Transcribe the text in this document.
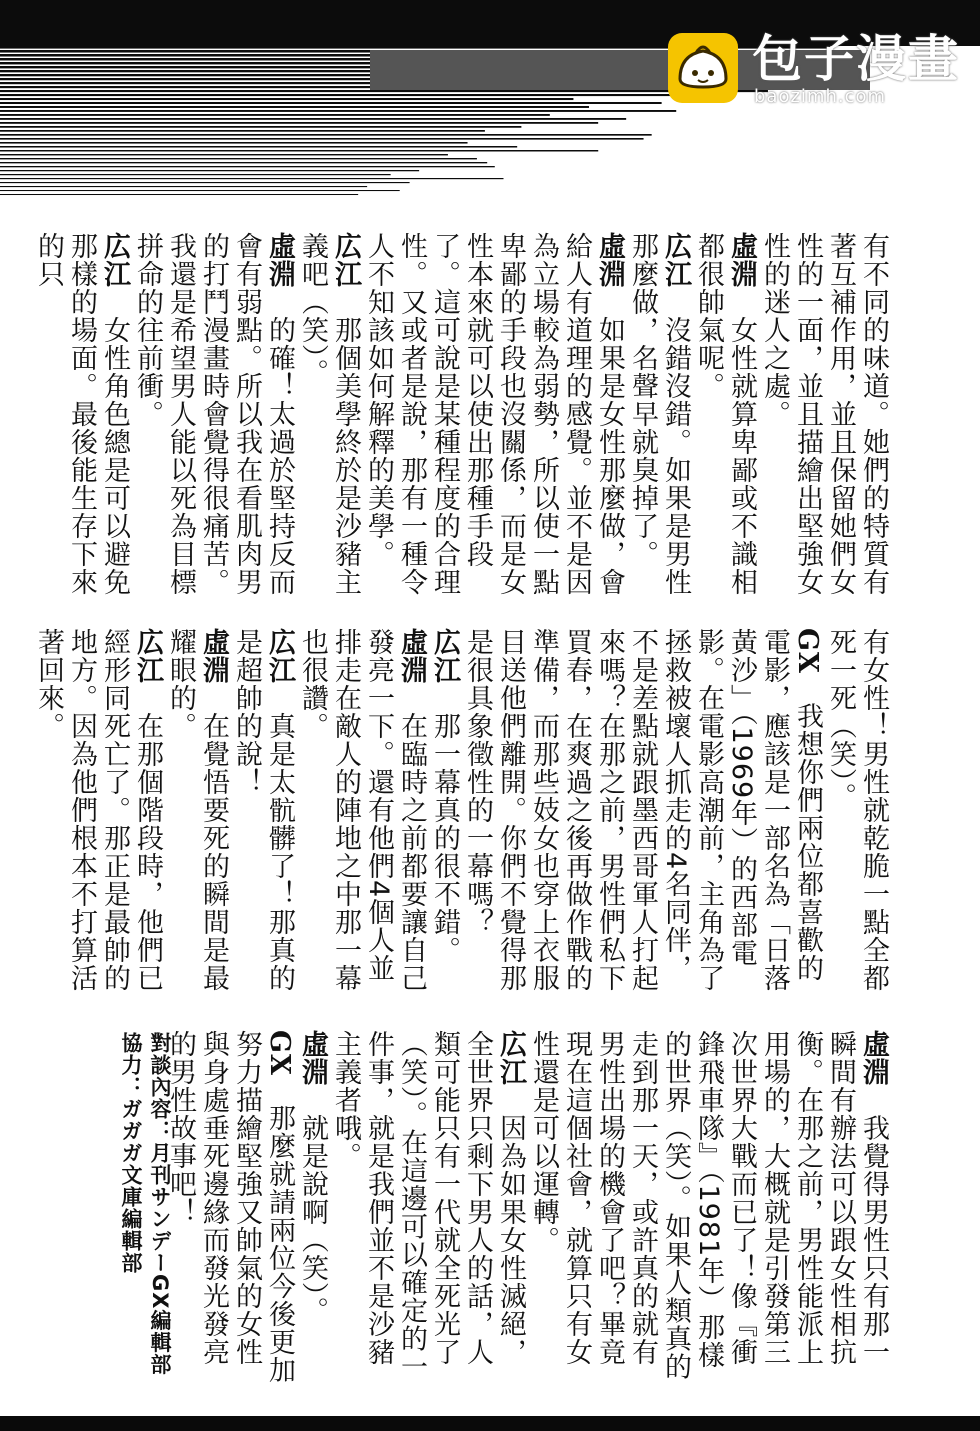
包子漫畫
baozimh.com
有不同的味道。她們的特質有著互補作用，並且保留她們女性的一面，並且描繪出堅強女性的迷人之處。
虛淵　女性就算卑鄙或不識相都很帥氣呢。
広江　沒錯沒錯。如果是男性那麼做，名聲早就臭掉了。
虛淵　如果是女性那麼做，會給人有道理的感覺。並不是因為立場較為弱勢，所以使一點卑鄙的手段也沒關係，而是女性本來就可以使出那種手段了。這可說是某種程度的合理性。又或者是說，那有一種令人不知該如何解釋的美學。
広江　那個美學終於是沙豬主義吧（笑）。
虛淵　的確！太過於堅持反而會有弱點。所以我在看肌肉男的打鬥漫畫時會覺得很痛苦。我還是希望男人能以死為目標拼命的往前衝。
広江　女性角色總是可以避免那樣的場面。最後能生存下來的只
有女性！男性就乾脆一點全都死一死（笑）。
GX　我想你們兩位都喜歡的電影，應該是一部名為「日落黃沙」（1969年）的西部電影。在電影高潮前，主角為了拯救被壞人抓走的4名同伴，不是差點就跟墨西哥軍人打起來嗎？在那之前，男性們私下買春，在爽過之後再做作戰的準備，而那些妓女也穿上衣服目送他們離開。你們不覺得那是很具象徵性的一幕嗎？
広江　那一幕真的很不錯。
虛淵　在臨時之前都要讓自己發亮一下。還有他們4個人並排走在敵人的陣地之中那一幕也很讚。
広江　真是太骯髒了！那真的是超帥的說！
虛淵　在覺悟要死的瞬間是最耀眼的。
広江　在那個階段時，他們已經形同死亡了。那正是最帥的地方。因為他們根本不打算活著回來。
虛淵　我覺得男性只有那一瞬間有辦法可以跟女性相抗衡。在那之前，男性能派上用場的，大概就是引發第三次世界大戰而已了！像『衝鋒飛車隊』（1981年）那樣的世界（笑）。如果人類真的走到那一天，或許真的就有男性出場的機會了吧？畢竟現在這個社會，就算只有女性還是可以運轉。
広江　因為如果女性滅絕，全世界只剩下男人的話，人類可能只有一代就全死光了（笑）。在這邊可以確定的一件事，就是我們並不是沙豬主義者哦。
虛淵　就是說啊（笑）。
GX　那麼就請兩位今後更加努力描繪堅強又帥氣的女性與身處垂死邊緣而發光發亮的男性故事吧！
對談內容：月刊サンデーGX編輯部
協力：ガガガ文庫編輯部
